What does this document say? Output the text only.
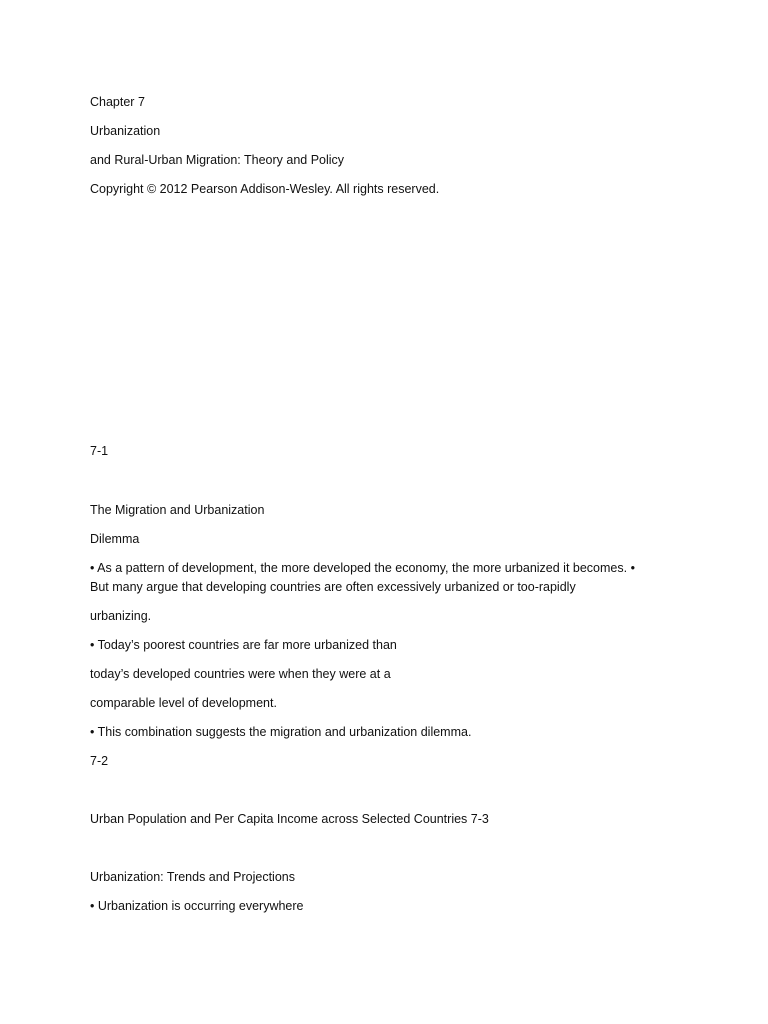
Chapter 7

Urbanization

and Rural-Urban Migration: Theory and Policy

Copyright © 2012 Pearson Addison-Wesley. All rights reserved.

7-1

The Migration and Urbanization

Dilemma

• As a pattern of development, the more developed the economy, the more urbanized it becomes. •

But many argue that developing countries are often excessively urbanized or too-rapidly

urbanizing.

• Today’s poorest countries are far more urbanized than

today’s developed countries were when they were at a

comparable level of development.

• This combination suggests the migration and urbanization dilemma.

7-2

Urban Population and Per Capita Income across Selected Countries 7-3

Urbanization: Trends and Projections

• Urbanization is occurring everywhere
